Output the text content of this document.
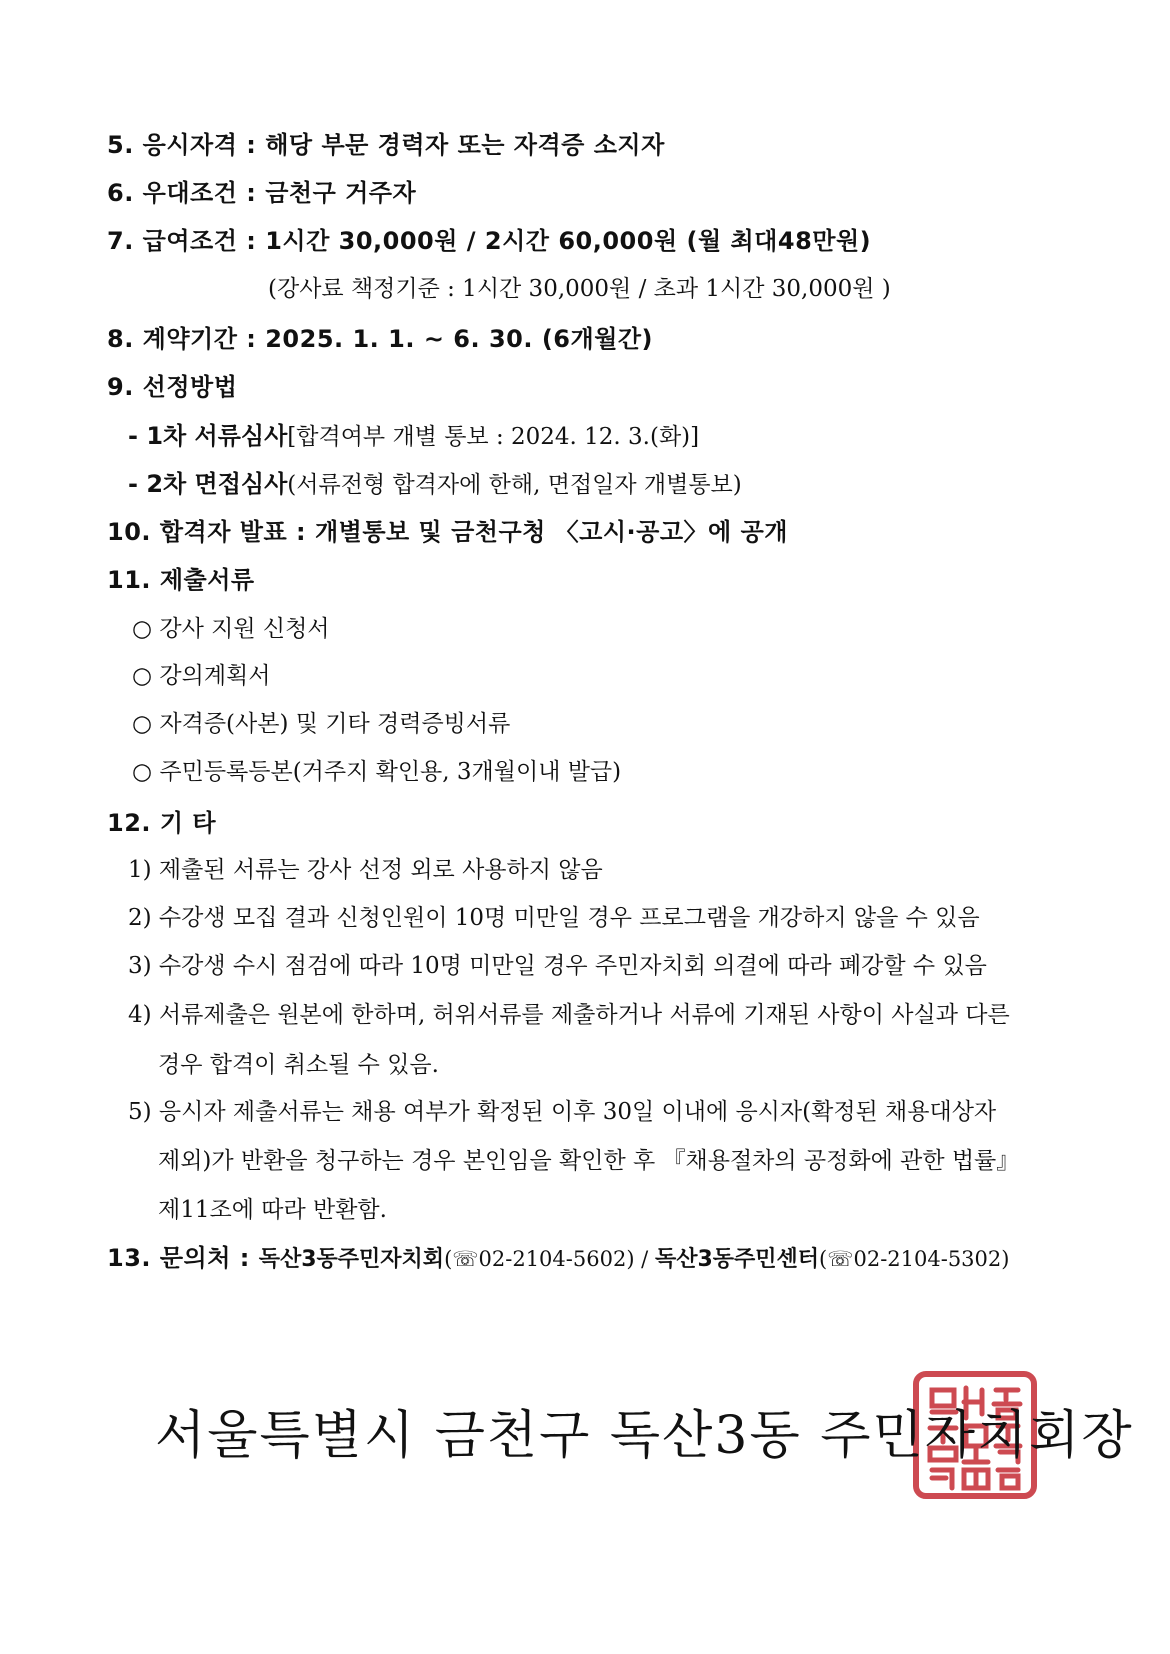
5. 응시자격 : 해당 부문 경력자 또는 자격증 소지자
6. 우대조건 : 금천구 거주자
7. 급여조건 : 1시간 30,000원 / 2시간 60,000원 (월 최대48만원)
(강사료 책정기준 : 1시간 30,000원 / 초과 1시간 30,000원 )
8. 계약기간 : 2025. 1. 1. ~ 6. 30. (6개월간)
9. 선정방법
- 1차 서류심사[합격여부 개별 통보 : 2024. 12. 3.(화)]
- 2차 면접심사(서류전형 합격자에 한해, 면접일자 개별통보)
10. 합격자 발표 : 개별통보 및 금천구청 〈고시·공고〉에 공개
11. 제출서류
○ 강사 지원 신청서
○ 강의계획서
○ 자격증(사본) 및 기타 경력증빙서류
○ 주민등록등본(거주지 확인용, 3개월이내 발급)
12. 기 타
1) 제출된 서류는 강사 선정 외로 사용하지 않음
2) 수강생 모집 결과 신청인원이 10명 미만일 경우 프로그램을 개강하지 않을 수 있음
3) 수강생 수시 점검에 따라 10명 미만일 경우 주민자치회 의결에 따라 폐강할 수 있음
4) 서류제출은 원본에 한하며, 허위서류를 제출하거나 서류에 기재된 사항이 사실과 다른
경우 합격이 취소될 수 있음.
5) 응시자 제출서류는 채용 여부가 확정된 이후 30일 이내에 응시자(확정된 채용대상자
제외)가 반환을 청구하는 경우 본인임을 확인한 후 『채용절차의 공정화에 관한 법률』
제11조에 따라 반환함.
13. 문의처 : 독산3동주민자치회(☏02-2104-5602) / 독산3동주민센터(☏02-2104-5302)
서울특별시 금천구 독산3동 주민자치회장
